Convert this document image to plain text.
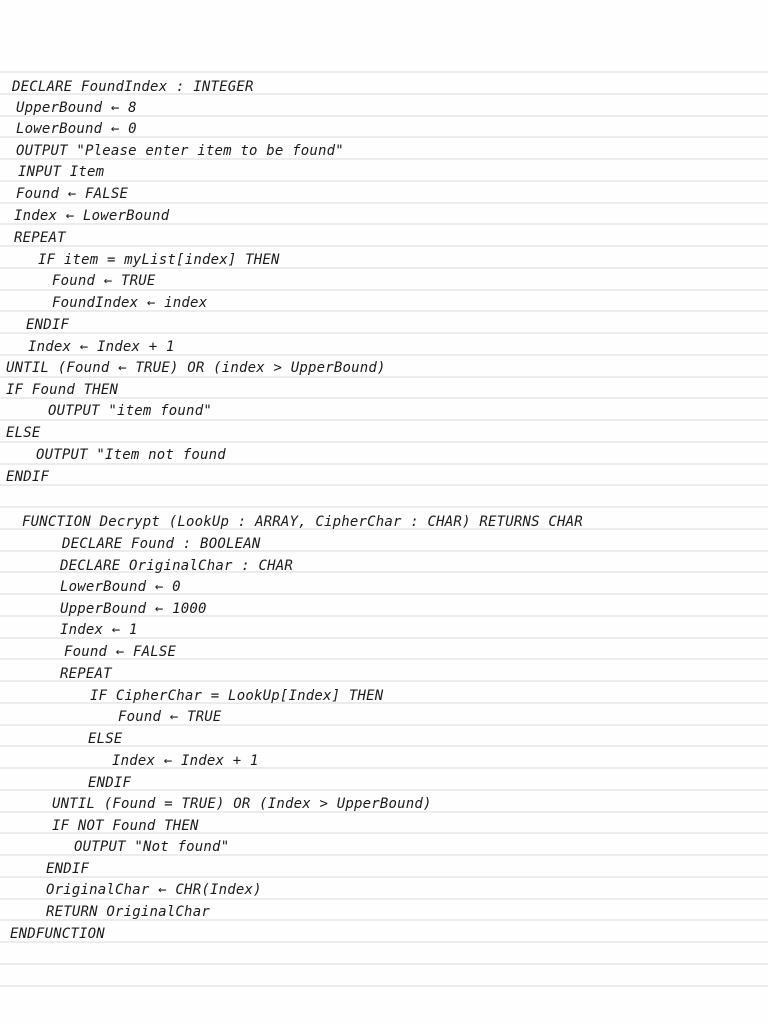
DECLARE FoundIndex : INTEGER
UpperBound ← 8
LowerBound ← 0
OUTPUT "Please enter item to be found"
INPUT Item
Found ← FALSE
Index ← LowerBound
REPEAT
IF item = myList[index] THEN
Found ← TRUE
FoundIndex ← index
ENDIF
Index ← Index + 1
UNTIL (Found ← TRUE) OR (index > UpperBound)
IF Found THEN
OUTPUT "item found"
ELSE
OUTPUT "Item not found
ENDIF
FUNCTION Decrypt (LookUp : ARRAY, CipherChar : CHAR) RETURNS CHAR
DECLARE Found : BOOLEAN
DECLARE OriginalChar : CHAR
LowerBound ← 0
UpperBound ← 1000
Index ← 1
Found ← FALSE
REPEAT
IF CipherChar = LookUp[Index] THEN
Found ← TRUE
ELSE
Index ← Index + 1
ENDIF
UNTIL (Found = TRUE) OR (Index > UpperBound)
IF NOT Found THEN
OUTPUT "Not found"
ENDIF
OriginalChar ← CHR(Index)
RETURN OriginalChar
ENDFUNCTION
